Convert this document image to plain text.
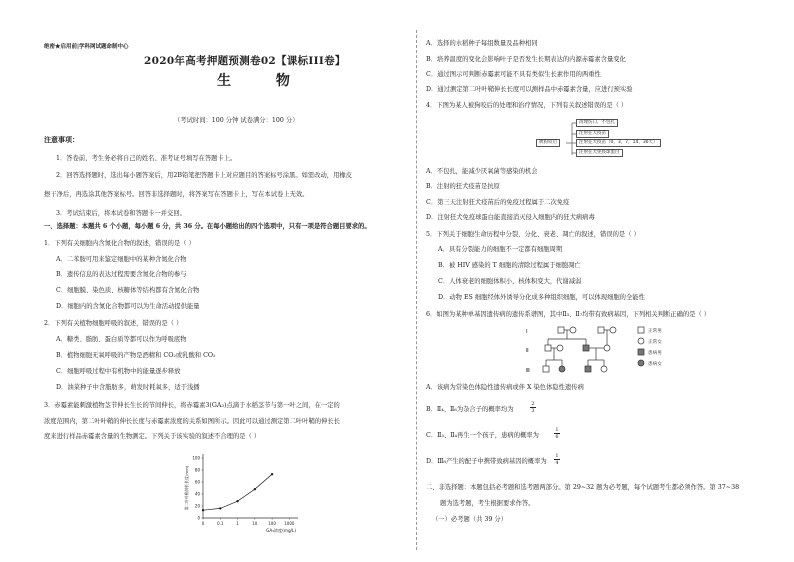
绝密★启用前|学科网试题命制中心
2020年高考押题预测卷02【课标III卷】
生 物
（考试时间：100 分钟 试卷满分：100 分）
注意事项：
1．答卷前，考生务必将自己的姓名、准考证号填写在答题卡上。
2．回答选择题时，选出每小题答案后，用2B铅笔把答题卡上对应题目的答案标号涂黑。如需改动，用橡皮
擦干净后，再选涂其他答案标号。回答非选择题时，将答案写在答题卡上，写在本试卷上无效。
3．考试结束后，将本试卷和答题卡一并交回。
一、选择题：本题共 6 个小题，每小题 6 分，共 36 分。在每小题给出的四个选项中，只有一项是符合题目要求的。
1．下列有关细胞内含氮化合物的叙述，错误的是（ ）
A．二苯胺可用来鉴定细胞中的某种含氮化合物
B．遗传信息的表达过程需要含氮化合物的参与
C．细胞膜、染色质、核糖体等结构都有含氮化合物
D．细胞内的含氮化合物都可以为生命活动提供能量
2．下列有关植物细胞呼吸的叙述，错误的是（ ）
A．糖类、脂肪、蛋白质等都可以作为呼吸底物
B．植物细胞无氧呼吸的产物是酒精和 CO₂或乳酸和 CO₂
C．细胞呼吸过程中有机物中的能量逐步释放
D．油菜种子中含脂肪多，萌发时耗氧多，适于浅播
3．赤霉素能刺激植物茎节伸长生长的节间伸长，将赤霉素3(GA₃)点滴于水稻茎节与第一叶之间，在一定的
浓度范围内，第二叶叶鞘的伸长长度与赤霉素浓度的关系如图所示。因此可以通过测定第二叶叶鞘的伸长长
度来进行样品赤霉素含量的生物测定。下列关于该实验的叙述不合理的是（ ）
0	0.1	1	10	100 1000
0
20
40
60
80
100
GA₃浓度(mg/L)
第二叶叶鞘伸长长度(mm)
A．选择的水稻种子每组数量及品种相同
B．培养温度的变化会影响叶子是否发生长期表达的内源赤霉素含量变化
C．通过图示可判断赤霉素可能不具有类似生长素作用的两重性
D．通过测定第二叶叶鞘伸长长度可以测样品中赤霉素含量，应进行预实验
4．下图为某人被狗咬后的处理和治疗情况，下列有关叙述错误的是（ ）
被狗咬后
清理伤口，不包扎
注射狂犬疫苗
注射狂犬疫苗（0，3，7，14，30天）
注射狂犬免疫球蛋白
A．不包扎，能减少厌氧菌等感染的机会
B．注射的狂犬疫苗是抗原
C．第三天注射狂犬疫苗后的免疫过程属于二次免疫
D．注射狂犬免疫球蛋白能直接消灭侵入细胞内的狂犬病病毒
5．下列关于细胞生命历程中分裂、分化、衰老、凋亡的叙述，错误的是（ ）
A．具有分裂能力的细胞不一定都有细胞周期
B．被 HIV 感染的 T 细胞的清除过程属于细胞凋亡
C．人体衰老的细胞体积小，核体积变大，代谢减弱
D．动物 ES 细胞经体外诱导分化成多种组织细胞，可以体现细胞的全能性
6．如图为某种单基因遗传病的遗传系谱图，其中Ⅱ₃、Ⅱ₇均带有致病基因，下列相关判断正确的是（ ）
Ⅰ
Ⅱ
Ⅲ
正常男
正常女
患病男
患病女
A．该病为常染色体隐性遗传病或伴 X 染色体隐性遗传病
B．Ⅱ₄、Ⅱ₆为杂合子的概率均为	$\frac{2}{3}$
C．Ⅱ₃、Ⅱ₄再生一个孩子，患病的概率为	$\frac{1}{6}$
D．Ⅲ₈产生的配子中携带致病基因的概率为 $\frac{1}{4}$
二、非选择题：本题包括必考题和选考题两部分。第 29~32 题为必考题，每个试题考生都必须作答。第 37~38
题为选考题，考生根据要求作答。
（一）必考题（共 39 分）
